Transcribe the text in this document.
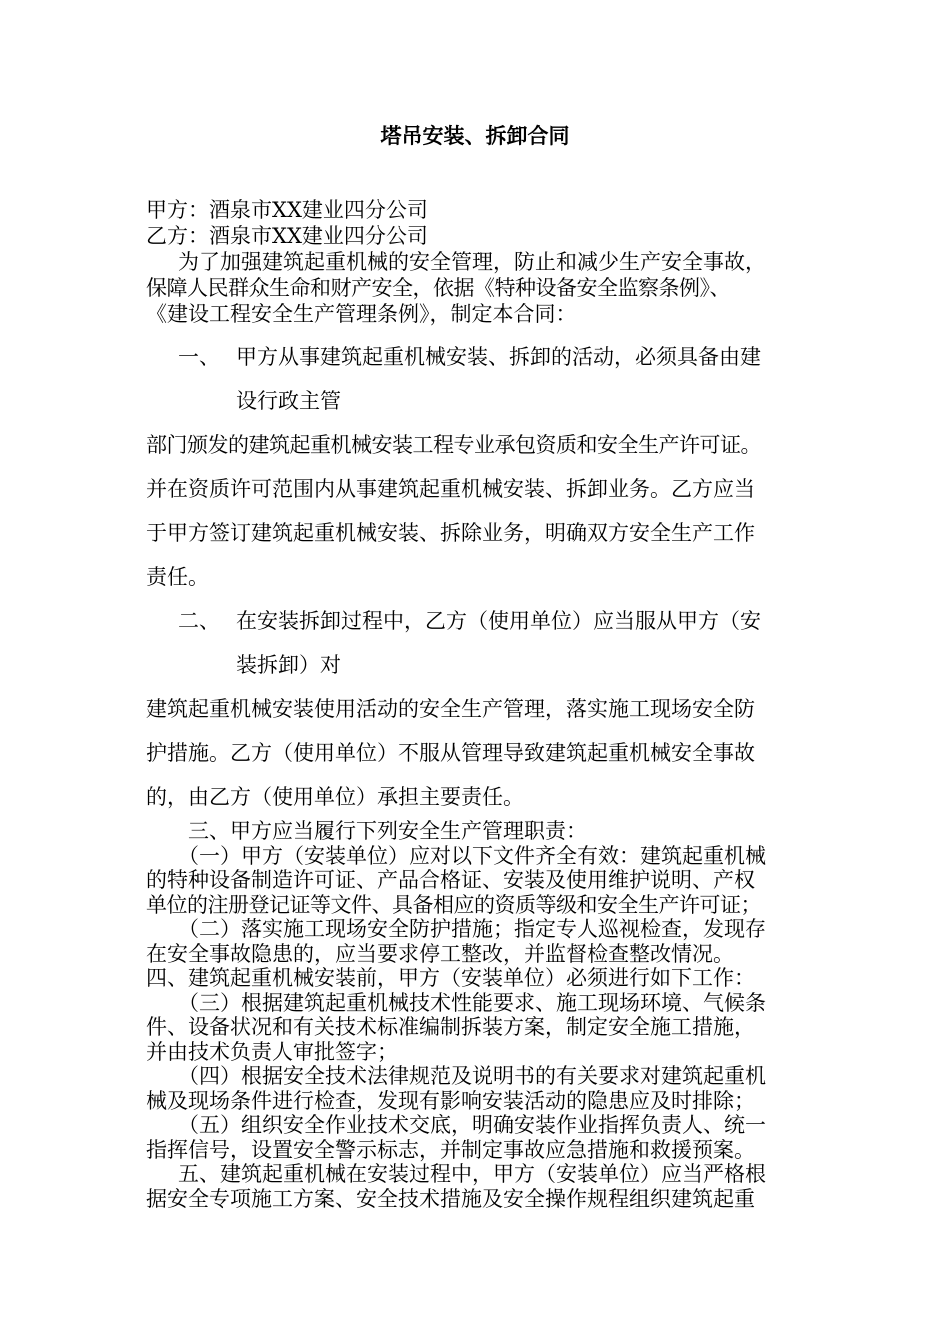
塔吊安装、拆卸合同

甲方：酒泉市XX建业四分公司

乙方：酒泉市XX建业四分公司

为了加强建筑起重机械的安全管理，防止和减少生产安全事故，

保障人民群众生命和财产安全，依据《特种设备安全监察条例》、

《建设工程安全生产管理条例》，制定本合同：

一、 甲方从事建筑起重机械安装、拆卸的活动，必须具备由建
设行政主管

部门颁发的建筑起重机械安装工程专业承包资质和安全生产许可证。

并在资质许可范围内从事建筑起重机械安装、拆卸业务。乙方应当

于甲方签订建筑起重机械安装、拆除业务，明确双方安全生产工作

责任。

二、 在安装拆卸过程中，乙方（使用单位）应当服从甲方（安
装拆卸）对

建筑起重机械安装使用活动的安全生产管理，落实施工现场安全防

护措施。乙方（使用单位）不服从管理导致建筑起重机械安全事故

的，由乙方（使用单位）承担主要责任。

三、甲方应当履行下列安全生产管理职责：

（一）甲方（安装单位）应对以下文件齐全有效：建筑起重机械

的特种设备制造许可证、产品合格证、安装及使用维护说明、产权

单位的注册登记证等文件、具备相应的资质等级和安全生产许可证；

（二）落实施工现场安全防护措施；指定专人巡视检查，发现存

在安全事故隐患的，应当要求停工整改，并监督检查整改情况。

四、建筑起重机械安装前，甲方（安装单位）必须进行如下工作：

（三）根据建筑起重机械技术性能要求、施工现场环境、气候条

件、设备状况和有关技术标准编制拆装方案，制定安全施工措施，

并由技术负责人审批签字；

（四）根据安全技术法律规范及说明书的有关要求对建筑起重机

械及现场条件进行检查，发现有影响安装活动的隐患应及时排除；

（五）组织安全作业技术交底，明确安装作业指挥负责人、统一

指挥信号，设置安全警示标志，并制定事故应急措施和救援预案。

五、建筑起重机械在安装过程中，甲方（安装单位）应当严格根

据安全专项施工方案、安全技术措施及安全操作规程组织建筑起重
